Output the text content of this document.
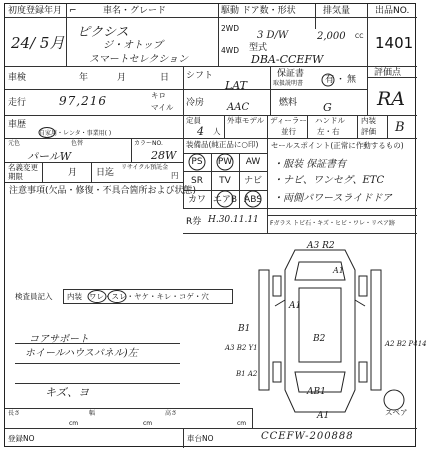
初度登録年月
24/ 5月
⌐	車名・グレード
ピクシス
ジ・オトップ
スマートセレクション
駆動 ドア数・形状
2WD
4WD
3 D/W
排気量
2,000 CC
型式
DBA-CCEFW
出品NO.
1401
車検	年	月	日 シフト
LAT
保証書
取扱説明書 有 ・ 無
評価点
RA
走行	97,216	キロ
マイル 冷房 AAC	燃料 G
車歴
自家用・レンタ・事業用( )
定員
4 人
外車モデル ディーラー
並行
ハンドル
左・右
内装
評価 B
元色	色替	カラーNO.
パールW	28W
名義変更
期限	月 日迄
リサイクル預託金
円
注意事項(欠品・修復・不具合箇所および状態)
装備品(純正品に○印)
PS	PW	AW
SR	TV	ナビ
カワ エアB ABS
R券 H.30.11.11
セールスポイント(正常に作動するもの)
・服装 保証書有
・ナビ、ワンセグ、ETC
・両側パワースライドドア
Fガラス トビ石・キズ・ヒビ・ワレ・リペア跡
A3 R2
A1
B2
B1
A3 B2 Y1
B1 A2
A2 B2 P414
AB1
A1
A1
スペア
検査員記入 内装 ワレ・スレ・ヤケ・キレ・コゲ・穴
コアサポート
ホイールハウスパネル)左
キズ、ヨ
長さ
cm
幅
cm
高さ
cm
登録NO	車台NO	CCEFW-200888
